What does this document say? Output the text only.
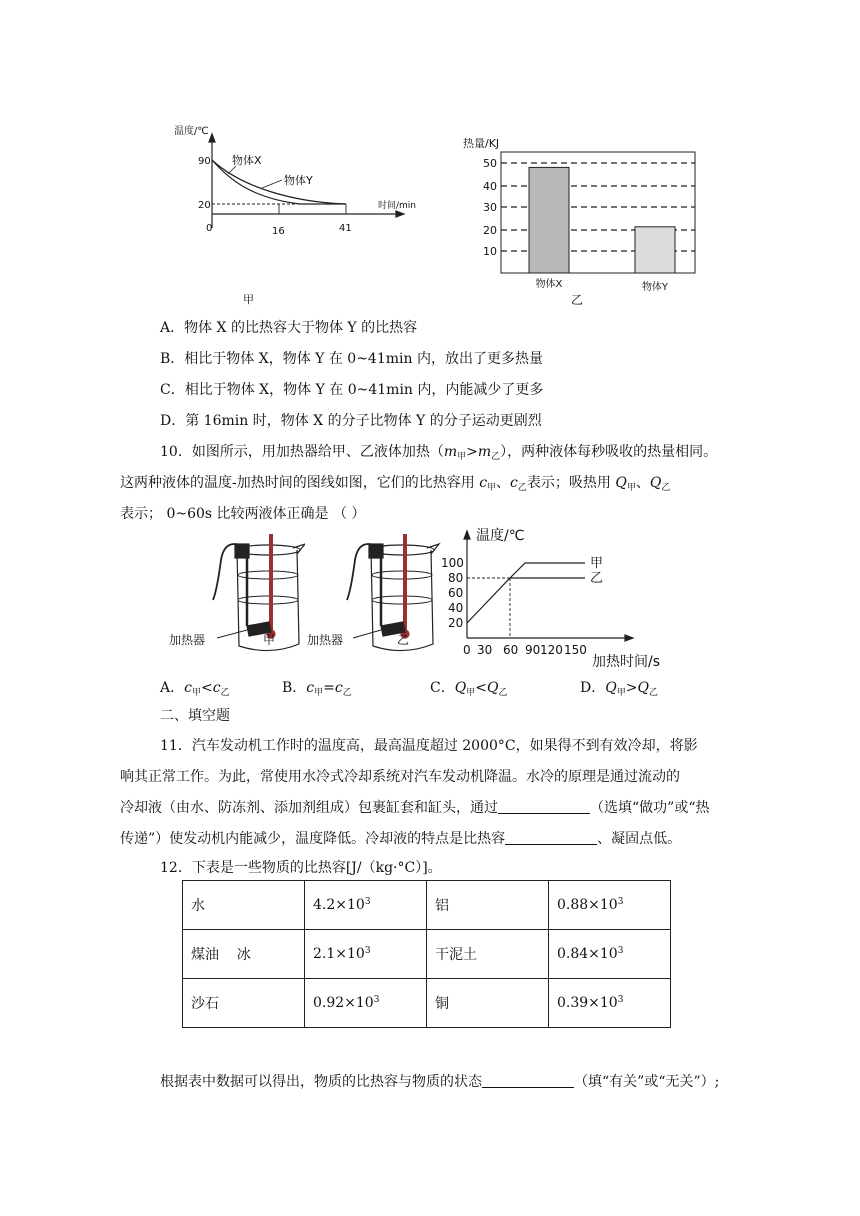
温度/℃
90
20
0	16	41
时间/min
物体X
物体Y
甲
热量/KJ
50
40
30
20
10
物体X	物体Y
乙
A．物体 X 的比热容大于物体 Y 的比热容
B．相比于物体 X，物体 Y 在 0~41min 内，放出了更多热量
C．相比于物体 X，物体 Y 在 0~41min 内，内能减少了更多
D．第 16min 时，物体 X 的分子比物体 Y 的分子运动更剧烈
10．如图所示，用加热器给甲、乙液体加热$(m_甲>m_乙)$，两种液体每秒吸收的热量相同。
这两种液体的温度-加热时间的图线如图，它们的比热容用 $c_甲$、$c_乙$表示；吸热用 $Q_甲$、$Q_乙$
表示； 0~60s 比较两液体正确是 （ ）
加热器	甲	加热器	乙
温度/℃
100
80
60
40
20
0 30 60 90 120 150
加热时间/s
甲
乙
A．$c_甲<c_乙$	B．$c_甲=c_乙$	C．$Q_甲<Q_乙$	D．$Q_甲>Q_乙$
二、填空题
11．汽车发动机工作时的温度高，最高温度超过 2000°C，如果得不到有效冷却，将影
响其正常工作。为此，常使用水冷式冷却系统对汽车发动机降温。水冷的原理是通过流动的
冷却液（由水、防冻剂、添加剂组成）包裹缸套和缸头，通过	（选填“做功”或“热
传递”）使发动机内能减少，温度降低。冷却液的特点是比热容	、凝固点低。
12．下表是一些物质的比热容[J/（kg·°C）]。
水	$4.2\times 10^3$	铝	$0.88\times 10^3$
煤油    冰	$2.1\times 10^3$	干泥土	$0.84\times 10^3$
沙石	$0.92\times 10^3$	铜	$0.39\times 10^3$
根据表中数据可以得出，物质的比热容与物质的状态	（填“有关”或“无关”）;
